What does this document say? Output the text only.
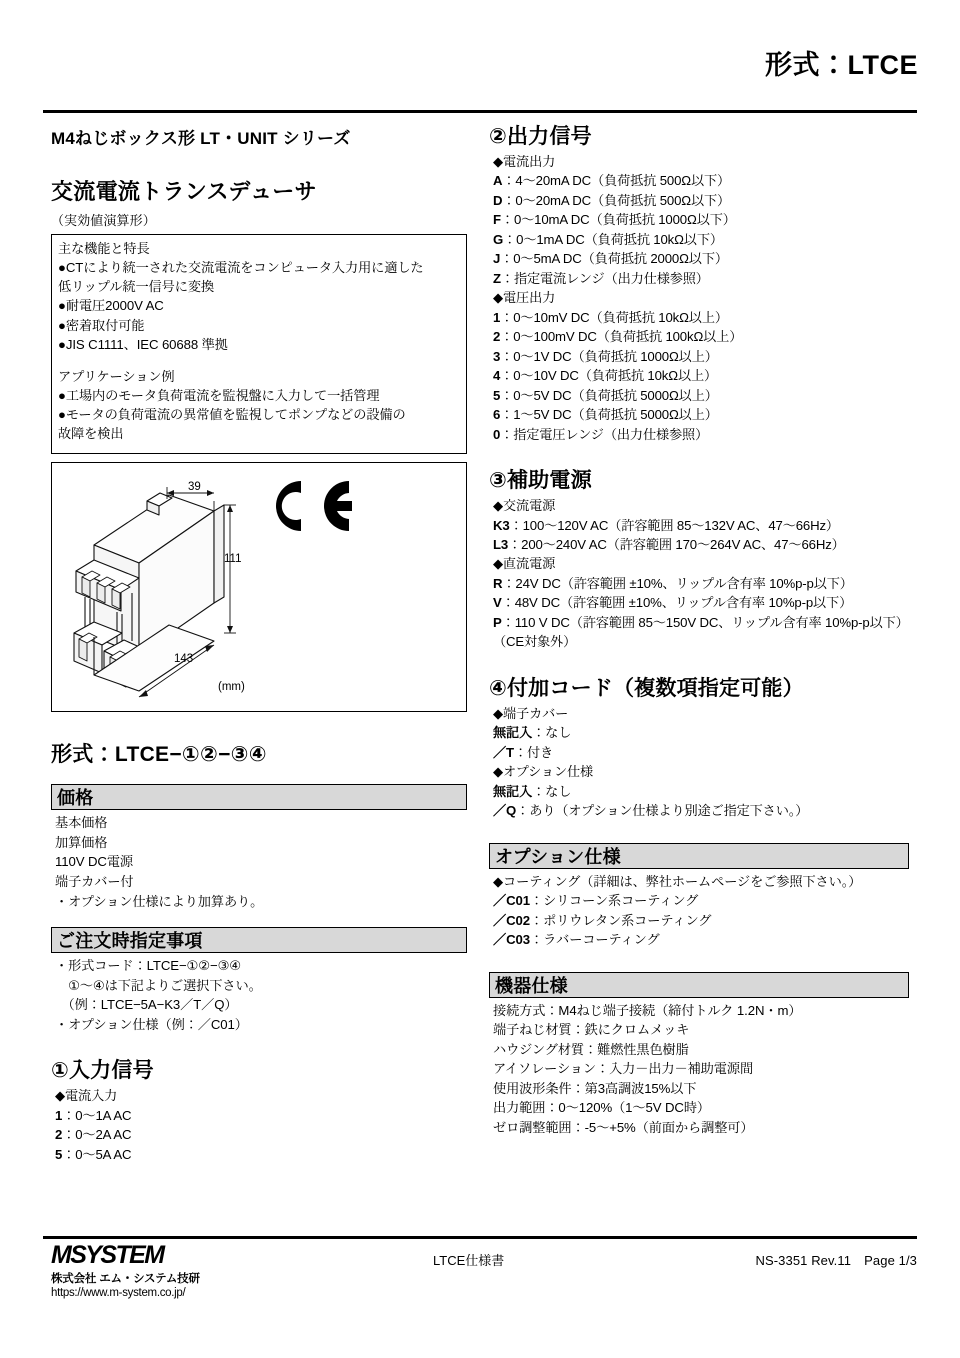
形式：LTCE
M4ねじボックス形 LT・UNIT シリーズ
交流電流トランスデューサ
（実効値演算形）

主な機能と特長

●CTにより統一された交流電流をコンピュータ入力用に適した

低リップル統一信号に変換

●耐電圧2000V AC

●密着取付可能

●JIS C1111、IEC 60688 準拠

アプリケーション例

●工場内のモータ負荷電流を監視盤に入力して一括管理

●モータの負荷電流の異常値を監視してポンプなどの設備の

故障を検出

39
111
143
(mm)
形式：LTCE−①②−③④
価格

基本価格

加算価格

110V DC電源

端子カバー付

・オプション仕様により加算あり。

ご注文時指定事項

・形式コード：LTCE−①②−③④

　①～④は下記よりご選択下さい。

　（例：LTCE−5A−K3／T／Q）

・オプション仕様（例：／C01）

①入力信号

◆電流入力

1：0～1A AC

2：0～2A AC

5：0～5A AC

②出力信号

◆電流出力

A：4～20mA DC（負荷抵抗 500Ω以下）

D：0～20mA DC（負荷抵抗 500Ω以下）

F：0～10mA DC（負荷抵抗 1000Ω以下）

G：0～1mA DC（負荷抵抗 10kΩ以下）

J：0～5mA DC（負荷抵抗 2000Ω以下）

Z：指定電流レンジ（出力仕様参照）

◆電圧出力

1：0～10mV DC（負荷抵抗 10kΩ以上）

2：0～100mV DC（負荷抵抗 100kΩ以上）

3：0～1V DC（負荷抵抗 1000Ω以上）

4：0～10V DC（負荷抵抗 10kΩ以上）

5：0～5V DC（負荷抵抗 5000Ω以上）

6：1～5V DC（負荷抵抗 5000Ω以上）

0：指定電圧レンジ（出力仕様参照）

③補助電源

◆交流電源

K3：100～120V AC（許容範囲 85～132V AC、47～66Hz）

L3：200～240V AC（許容範囲 170～264V AC、47～66Hz）

◆直流電源

R：24V DC（許容範囲 ±10%、リップル含有率 10%p-p以下）

V：48V DC（許容範囲 ±10%、リップル含有率 10%p-p以下）

P：110 V DC（許容範囲 85～150V DC、リップル含有率 10%p-p以下）

（CE対象外）

④付加コード（複数項指定可能）

◆端子カバー

無記入：なし

／T：付き

◆オプション仕様

無記入：なし

／Q：あり（オプション仕様より別途ご指定下さい。）

オプション仕様

◆コーティング（詳細は、弊社ホームページをご参照下さい。）

／C01：シリコーン系コーティング

／C02：ポリウレタン系コーティング

／C03：ラバーコーティング

機器仕様

接続方式：M4ねじ端子接続（締付トルク 1.2N・m）

端子ねじ材質：鉄にクロムメッキ

ハウジング材質：難燃性黒色樹脂

アイソレーション：入力－出力－補助電源間

使用波形条件：第3高調波15%以下

出力範囲：0～120%（1～5V DC時）

ゼロ調整範囲：-5～+5%（前面から調整可）

MSYSTEM
株式会社 エム・システム技研
https://www.m-system.co.jp/
LTCE仕様書	NS-3351 Rev.11　Page 1/3
